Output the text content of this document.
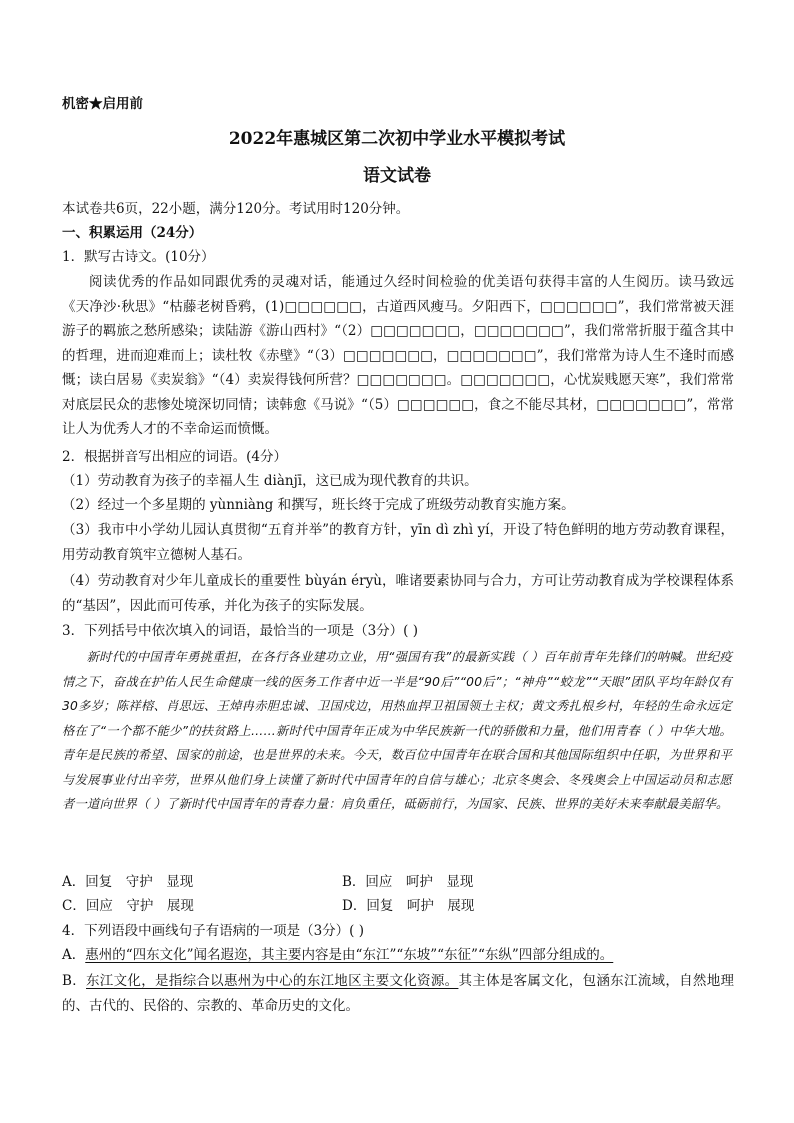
机密★启用前
2022年惠城区第二次初中学业水平模拟考试
语文试卷
本试卷共6页，22小题，满分120分。考试用时120分钟。
一、积累运用（24分）
1．默写古诗文。(10分）
阅读优秀的作品如同跟优秀的灵魂对话，能通过久经时间检验的优美语句获得丰富的人生阅历。读马致远《天净沙·秋思》“枯藤老树昏鸦，(1)□□□□□□，古道西风瘦马。夕阳西下，□□□□□□”，我们常常被天涯游子的羁旅之愁所感染；读陆游《游山西村》“（2）□□□□□□□，□□□□□□□”，我们常常折服于蕴含其中的哲理，进而迎难而上；读杜牧《赤壁》“（3）□□□□□□□，□□□□□□□”，我们常常为诗人生不逢时而感慨；读白居易《卖炭翁》“（4）卖炭得钱何所营？□□□□□□□。□□□□□□□，心忧炭贱愿天寒”，我们常常对底层民众的悲惨处境深切同情；读韩愈《马说》“（5）□□□□□□，食之不能尽其材，□□□□□□□”，常常让人为优秀人才的不幸命运而愤慨。
2．根据拼音写出相应的词语。(4分）
（1）劳动教育为孩子的幸福人生 diànjī，这已成为现代教育的共识。
（2）经过一个多星期的 yùnniàng 和撰写，班长终于完成了班级劳动教育实施方案。
（3）我市中小学幼儿园认真贯彻“五育并举”的教育方针，yīn dì zhì yí，开设了特色鲜明的地方劳动教育课程，用劳动教育筑牢立德树人基石。
（4）劳动教育对少年儿童成长的重要性 bùyán éryù，唯诸要素协同与合力，方可让劳动教育成为学校课程体系的“基因”，因此而可传承，并化为孩子的实际发展。
3．下列括号中依次填入的词语，最恰当的一项是（3分）( )
新时代的中国青年勇挑重担，在各行各业建功立业，用“强国有我”的最新实践（ ）百年前青年先锋们的呐喊。世纪疫情之下，奋战在护佑人民生命健康一线的医务工作者中近一半是“90后”“00后”；“神舟”“蛟龙”“天眼”团队平均年龄仅有30多岁；陈祥榕、肖思远、王焯冉赤胆忠诚、卫国戍边，用热血捍卫祖国领土主权；黄文秀扎根乡村，年轻的生命永远定格在了“一个都不能少”的扶贫路上……新时代中国青年正成为中华民族新一代的骄傲和力量，他们用青春（ ）中华大地。青年是民族的希望、国家的前途，也是世界的未来。今天，数百位中国青年在联合国和其他国际组织中任职，为世界和平与发展事业付出辛劳，世界从他们身上读懂了新时代中国青年的自信与雄心；北京冬奥会、冬残奥会上中国运动员和志愿者一道向世界（ ）了新时代中国青年的青春力量：肩负重任，砥砺前行，为国家、民族、世界的美好未来奉献最美韶华。
A．回复　守护　显现	B．回应　呵护　显现
C．回应　守护　展现	D．回复　呵护　展现
4．下列语段中画线句子有语病的一项是（3分）( )
A．惠州的“四东文化”闻名遐迩，其主要内容是由“东江”“东坡”“东征”“东纵”四部分组成的。
B．东江文化，是指综合以惠州为中心的东江地区主要文化资源。其主体是客属文化，包涵东江流域，自然地理的、古代的、民俗的、宗教的、革命历史的文化。
